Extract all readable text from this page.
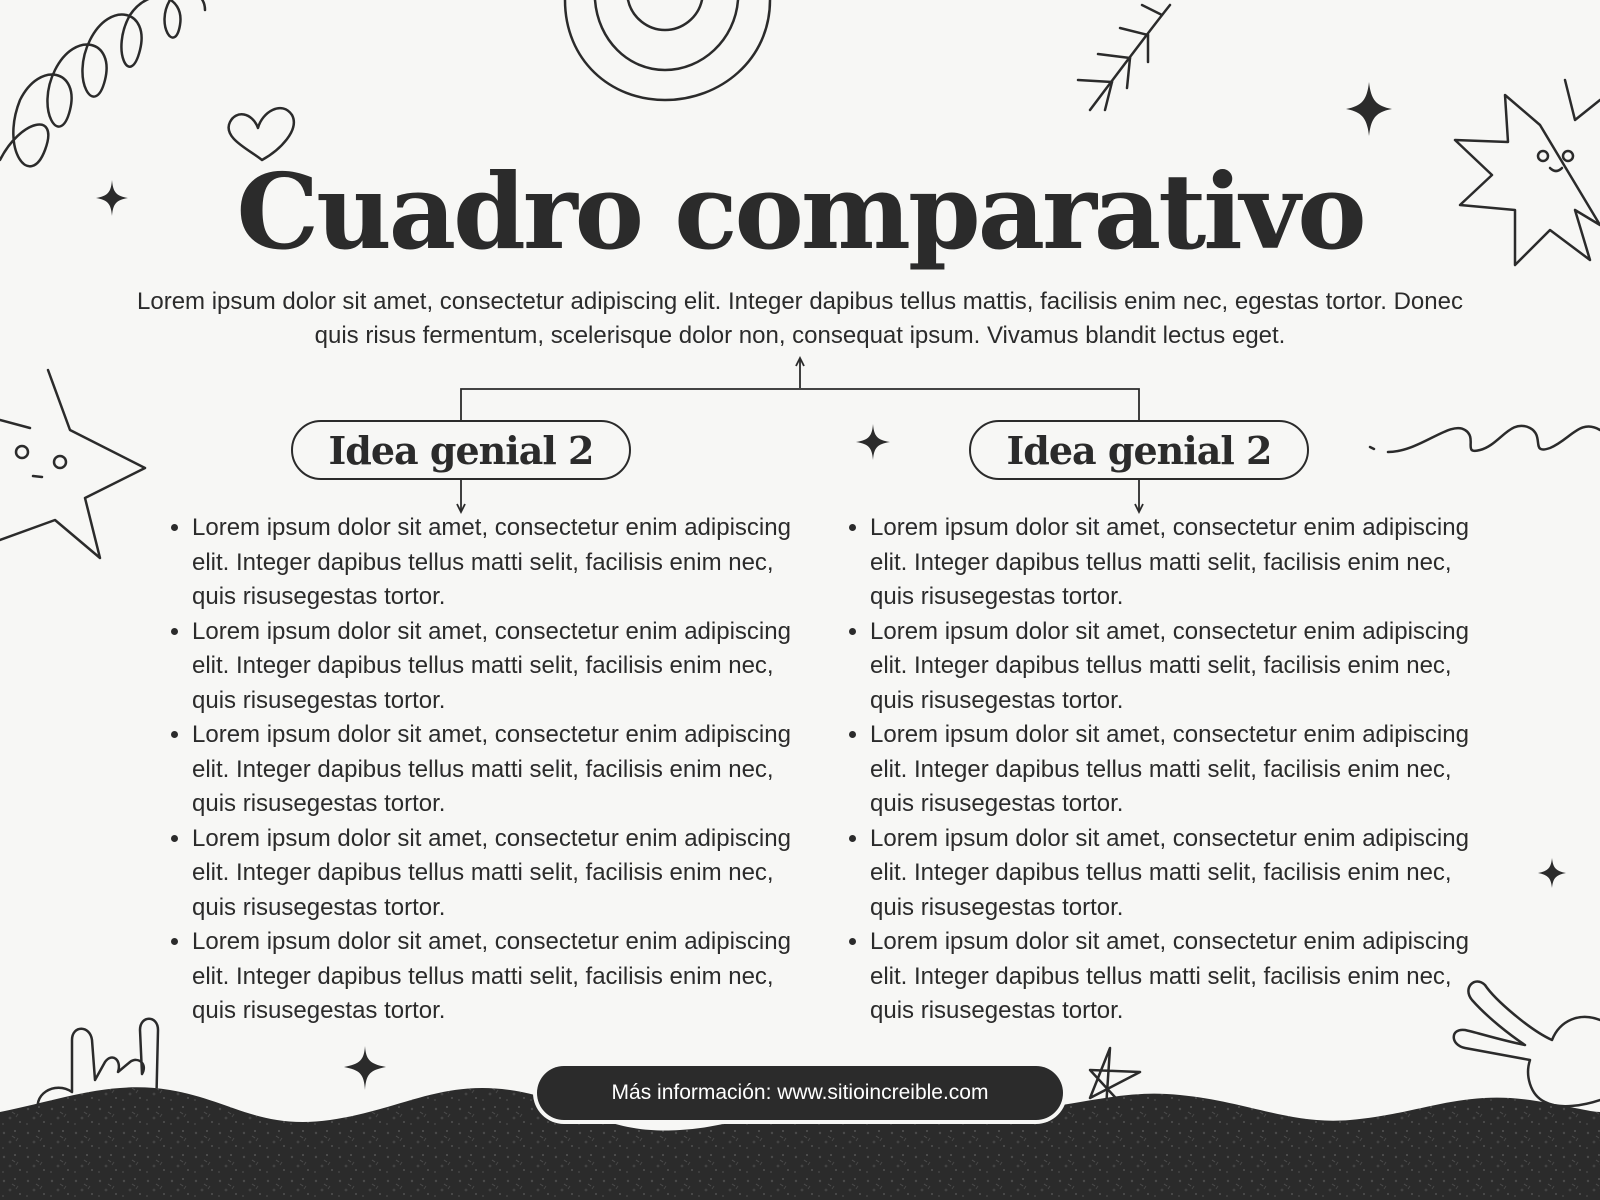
Cuadro comparativo

Lorem ipsum dolor sit amet, consectetur adipiscing elit. Integer dapibus tellus mattis, facilisis enim nec, egestas tortor. Donec quis risus fermentum, scelerisque dolor non, consequat ipsum. Vivamus blandit lectus eget.

Idea genial 2	Idea genial 2
• Lorem ipsum dolor sit amet, consectetur enim adipiscing elit. Integer dapibus tellus matti selit, facilisis enim nec, quis risusegestas tortor.
• Lorem ipsum dolor sit amet, consectetur enim adipiscing elit. Integer dapibus tellus matti selit, facilisis enim nec, quis risusegestas tortor.
• Lorem ipsum dolor sit amet, consectetur enim adipiscing elit. Integer dapibus tellus matti selit, facilisis enim nec, quis risusegestas tortor.
• Lorem ipsum dolor sit amet, consectetur enim adipiscing elit. Integer dapibus tellus matti selit, facilisis enim nec, quis risusegestas tortor.
• Lorem ipsum dolor sit amet, consectetur enim adipiscing elit. Integer dapibus tellus matti selit, facilisis enim nec, quis risusegestas tortor.
• Lorem ipsum dolor sit amet, consectetur enim adipiscing elit. Integer dapibus tellus matti selit, facilisis enim nec, quis risusegestas tortor.
• Lorem ipsum dolor sit amet, consectetur enim adipiscing elit. Integer dapibus tellus matti selit, facilisis enim nec, quis risusegestas tortor.
• Lorem ipsum dolor sit amet, consectetur enim adipiscing elit. Integer dapibus tellus matti selit, facilisis enim nec, quis risusegestas tortor.
• Lorem ipsum dolor sit amet, consectetur enim adipiscing elit. Integer dapibus tellus matti selit, facilisis enim nec, quis risusegestas tortor.
• Lorem ipsum dolor sit amet, consectetur enim adipiscing elit. Integer dapibus tellus matti selit, facilisis enim nec, quis risusegestas tortor.
Más información: www.sitioincreible.com
